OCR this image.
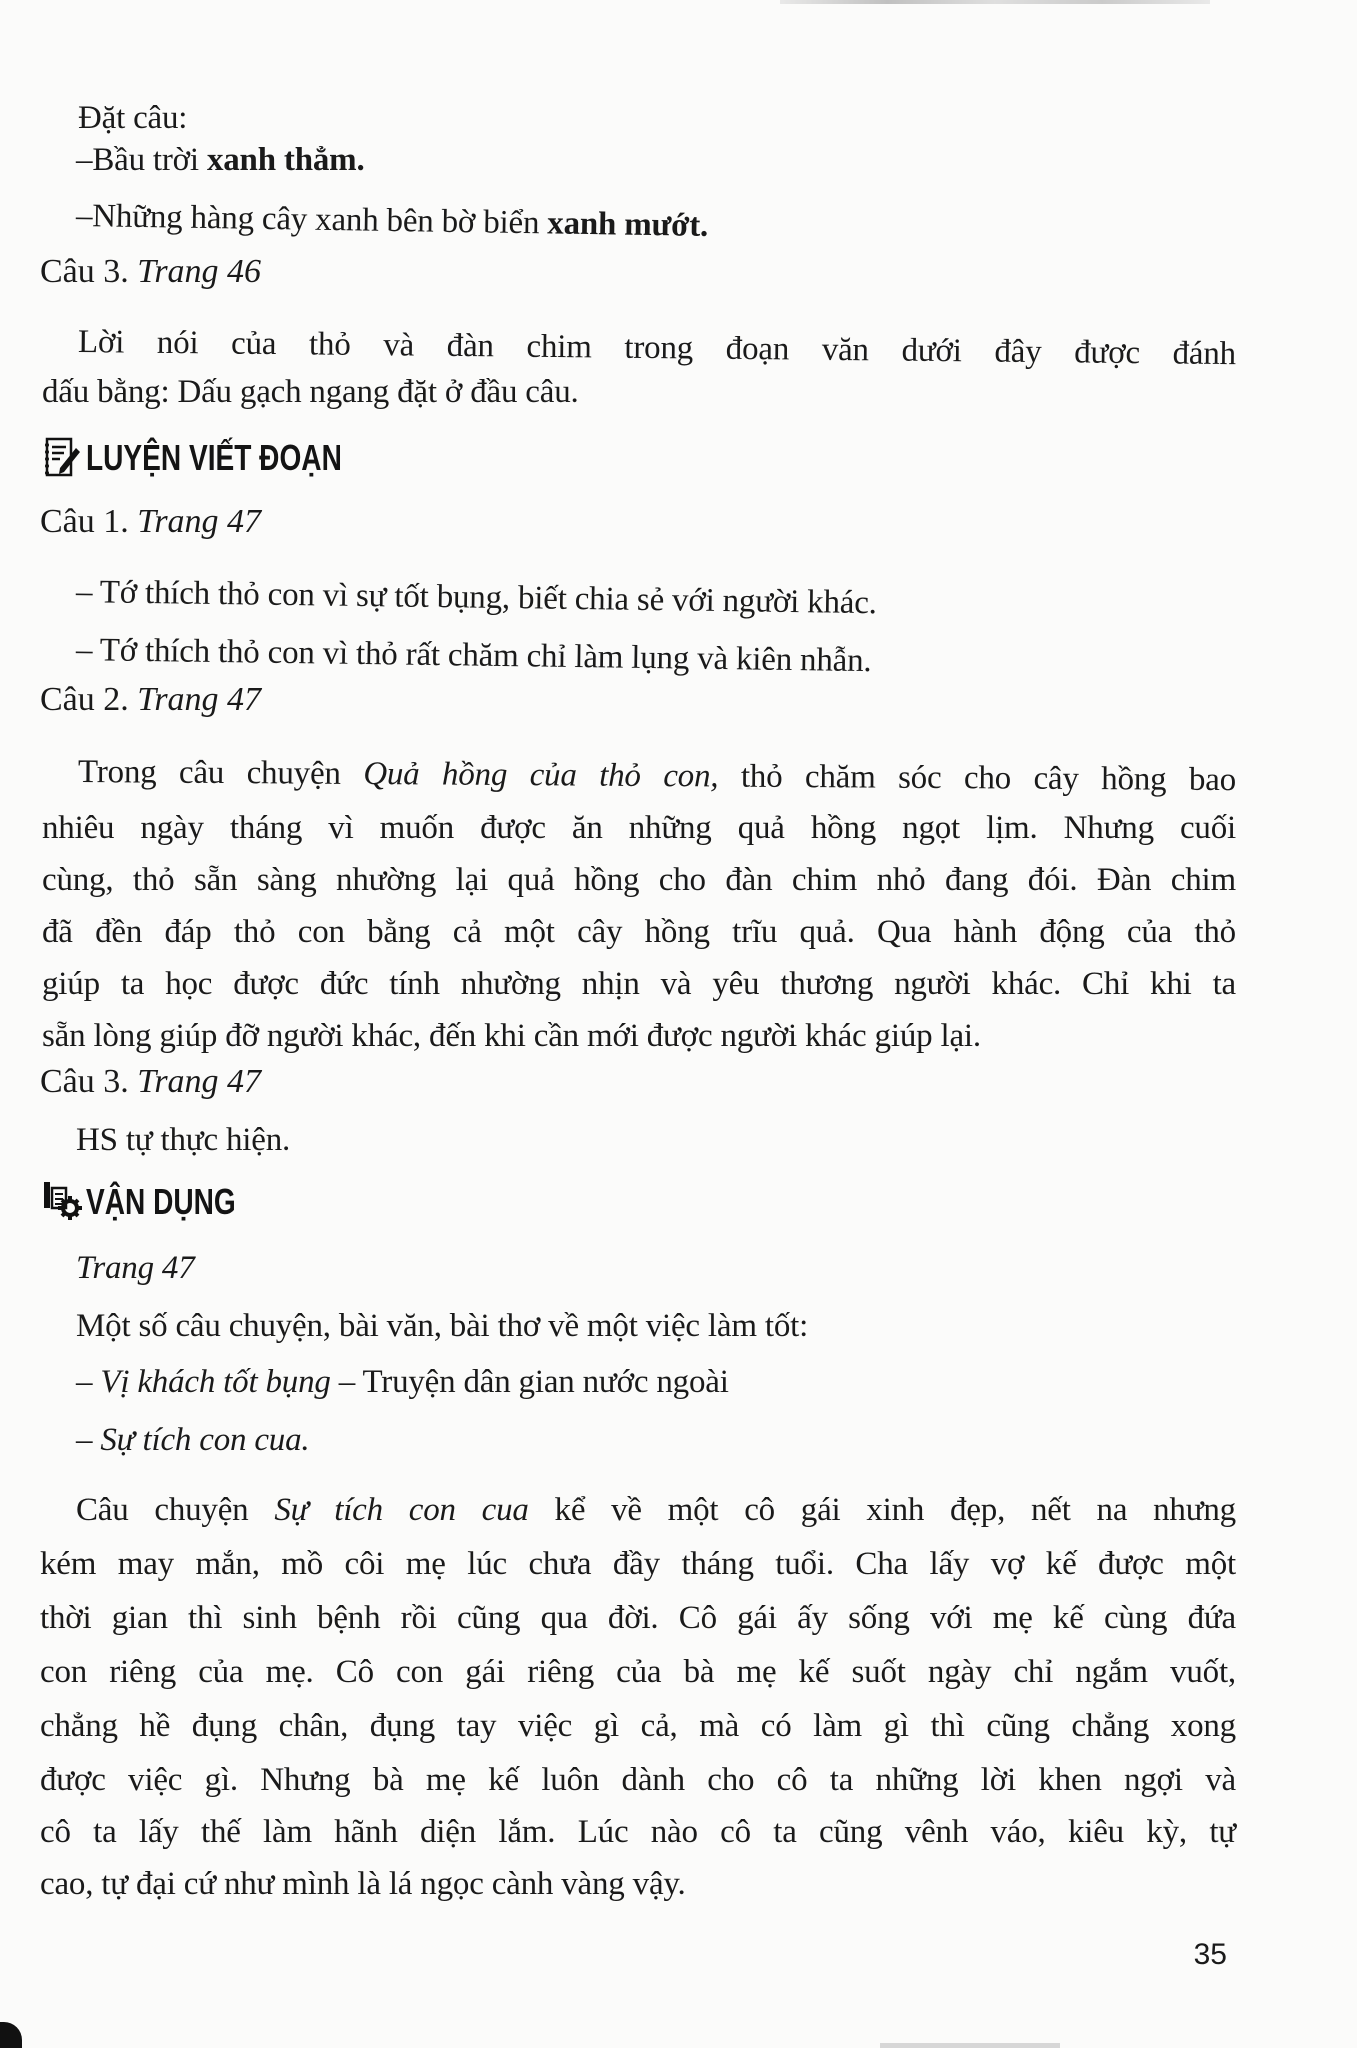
Đặt câu:
–Bầu trời xanh thẳm.
–Những hàng cây xanh bên bờ biển xanh mướt.
Câu 3. Trang 46
Lời nói của thỏ và đàn chim trong đoạn văn dưới đây được đánh
dấu bằng: Dấu gạch ngang đặt ở đầu câu.
LUYỆN VIẾT ĐOẠN
Câu 1. Trang 47
– Tớ thích thỏ con vì sự tốt bụng, biết chia sẻ với người khác.
– Tớ thích thỏ con vì thỏ rất chăm chỉ làm lụng và kiên nhẫn.
Câu 2. Trang 47
Trong câu chuyện Quả hồng của thỏ con, thỏ chăm sóc cho cây hồng bao
nhiêu ngày tháng vì muốn được ăn những quả hồng ngọt lịm. Nhưng cuối
cùng, thỏ sẵn sàng nhường lại quả hồng cho đàn chim nhỏ đang đói. Đàn chim
đã đền đáp thỏ con bằng cả một cây hồng trĩu quả. Qua hành động của thỏ
giúp ta học được đức tính nhường nhịn và yêu thương người khác. Chỉ khi ta
sẵn lòng giúp đỡ người khác, đến khi cần mới được người khác giúp lại.
Câu 3. Trang 47
HS tự thực hiện.
VẬN DỤNG
Trang 47
Một số câu chuyện, bài văn, bài thơ về một việc làm tốt:
– Vị khách tốt bụng – Truyện dân gian nước ngoài
– Sự tích con cua.
Câu chuyện Sự tích con cua kể về một cô gái xinh đẹp, nết na nhưng
kém may mắn, mồ côi mẹ lúc chưa đầy tháng tuổi. Cha lấy vợ kế được một
thời gian thì sinh bệnh rồi cũng qua đời. Cô gái ấy sống với mẹ kế cùng đứa
con riêng của mẹ. Cô con gái riêng của bà mẹ kế suốt ngày chỉ ngắm vuốt,
chẳng hề đụng chân, đụng tay việc gì cả, mà có làm gì thì cũng chẳng xong
được việc gì. Nhưng bà mẹ kế luôn dành cho cô ta những lời khen ngợi và
cô ta lấy thế làm hãnh diện lắm. Lúc nào cô ta cũng vênh váo, kiêu kỳ, tự
cao, tự đại cứ như mình là lá ngọc cành vàng vậy.
35
